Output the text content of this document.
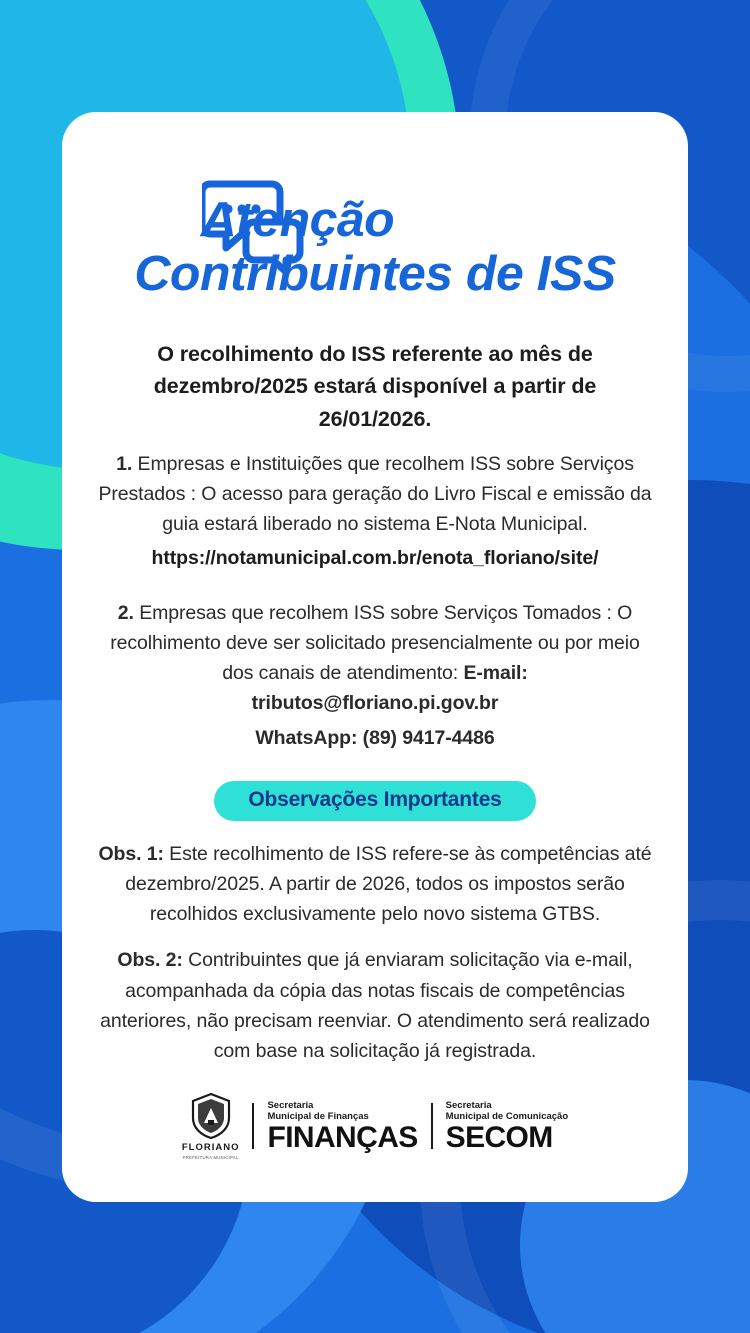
Atenção
Contribuintes de ISS

O recolhimento do ISS referente ao mês de dezembro/2025 estará disponível a partir de 26/01/2026.

1. Empresas e Instituições que recolhem ISS sobre Serviços Prestados : O acesso para geração do Livro Fiscal e emissão da guia estará liberado no sistema E-Nota Municipal.

https://notamunicipal.com.br/enota_floriano/site/

2. Empresas que recolhem ISS sobre Serviços Tomados : O recolhimento deve ser solicitado presencialmente ou por meio dos canais de atendimento: E-mail: tributos@floriano.pi.gov.br

WhatsApp: (89) 9417-4486

Observações Importantes

Obs. 1: Este recolhimento de ISS refere-se às competências até dezembro/2025. A partir de 2026, todos os impostos serão recolhidos exclusivamente pelo novo sistema GTBS.

Obs. 2: Contribuintes que já enviaram solicitação via e-mail, acompanhada da cópia das notas fiscais de competências anteriores, não precisam reenviar. O atendimento será realizado com base na solicitação já registrada.

FLORIANO
PREFEITURA MUNICIPAL
Secretaria
Municipal de Finanças
FINANÇAS
Secretaria
Municipal de Comunicação
SECOM
